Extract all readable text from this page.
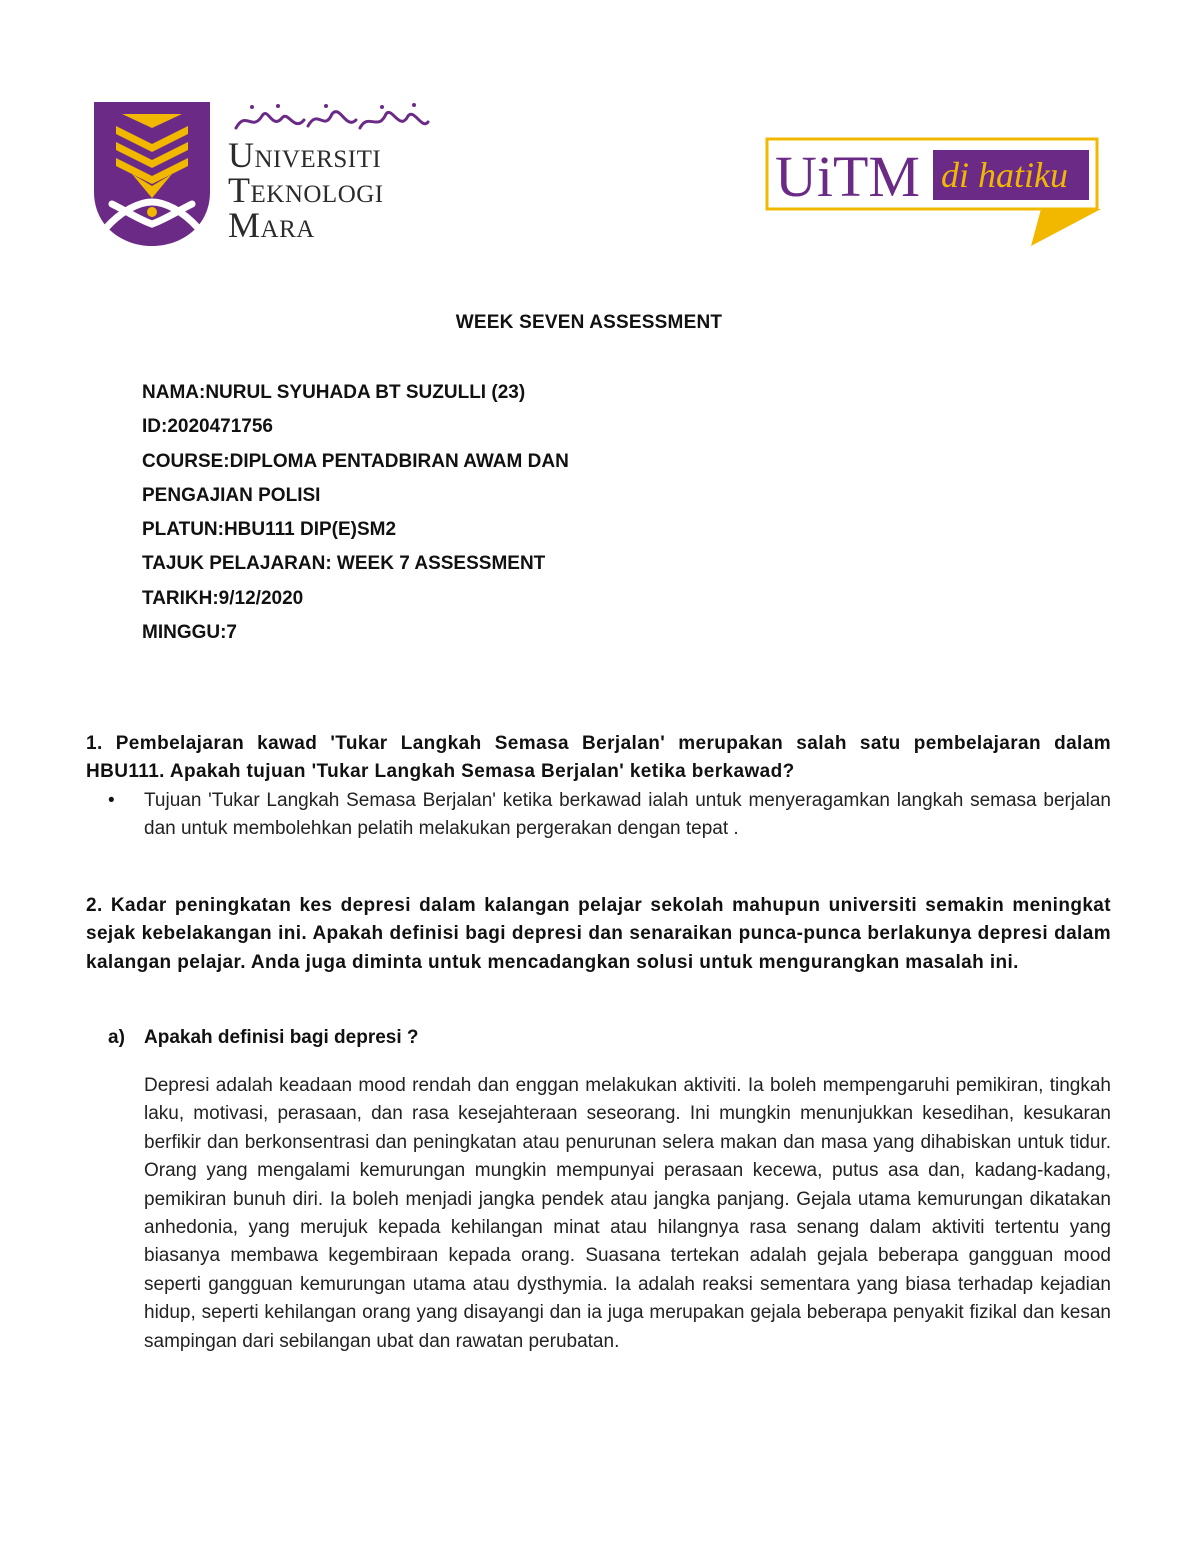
Universiti
Teknologi
Mara
UiTM di hatiku
WEEK SEVEN ASSESSMENT
NAMA:NURUL SYUHADA BT SUZULLI (23)
ID:2020471756
COURSE:DIPLOMA PENTADBIRAN AWAM DAN
PENGAJIAN POLISI
PLATUN:HBU111 DIP(E)SM2
TAJUK PELAJARAN: WEEK 7 ASSESSMENT
TARIKH:9/12/2020
MINGGU:7
1. Pembelajaran kawad 'Tukar Langkah Semasa Berjalan' merupakan salah satu pembelajaran dalam HBU111. Apakah tujuan 'Tukar Langkah Semasa Berjalan' ketika berkawad?
• Tujuan 'Tukar Langkah Semasa Berjalan' ketika berkawad ialah untuk menyeragamkan langkah semasa berjalan dan untuk membolehkan pelatih melakukan pergerakan dengan tepat .
2. Kadar peningkatan kes depresi dalam kalangan pelajar sekolah mahupun universiti semakin meningkat sejak kebelakangan ini. Apakah definisi bagi depresi dan senaraikan punca-punca berlakunya depresi dalam kalangan pelajar. Anda juga diminta untuk mencadangkan solusi untuk mengurangkan masalah ini.
a) Apakah definisi bagi depresi ?
Depresi adalah keadaan mood rendah dan enggan melakukan aktiviti. Ia boleh mempengaruhi pemikiran, tingkah laku, motivasi, perasaan, dan rasa kesejahteraan seseorang. Ini mungkin menunjukkan kesedihan, kesukaran berfikir dan berkonsentrasi dan peningkatan atau penurunan selera makan dan masa yang dihabiskan untuk tidur. Orang yang mengalami kemurungan mungkin mempunyai perasaan kecewa, putus asa dan, kadang-kadang, pemikiran bunuh diri. Ia boleh menjadi jangka pendek atau jangka panjang. Gejala utama kemurungan dikatakan anhedonia, yang merujuk kepada kehilangan minat atau hilangnya rasa senang dalam aktiviti tertentu yang biasanya membawa kegembiraan kepada orang. Suasana tertekan adalah gejala beberapa gangguan mood seperti gangguan kemurungan utama atau dysthymia. Ia adalah reaksi sementara yang biasa terhadap kejadian hidup, seperti kehilangan orang yang disayangi dan ia juga merupakan gejala beberapa penyakit fizikal dan kesan sampingan dari sebilangan ubat dan rawatan perubatan.
